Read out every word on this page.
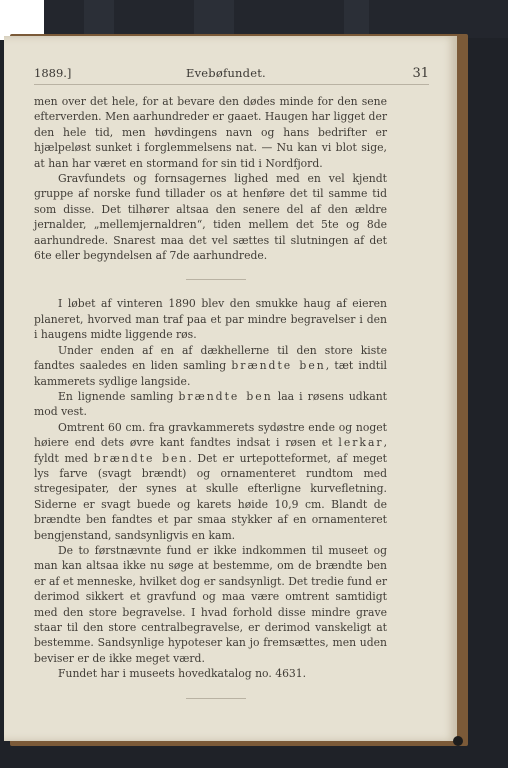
1889.]	Evebøfundet.	31

men over det hele, for at bevare den dødes minde for den sene efterverden. Men aarhundreder er gaaet. Haugen har ligget der den hele tid, men høvdingens navn og hans bedrifter er hjælpeløst sunket i forglemmelsens nat. — Nu kan vi blot sige, at han har været en stormand for sin tid i Nordfjord.

Gravfundets og fornsagernes lighed med en vel kjendt gruppe af norske fund tillader os at henføre det til samme tid som disse. Det tilhører altsaa den senere del af den ældre jernalder, „mellemjernaldren“, tiden mellem det 5te og 8de aarhundrede. Snarest maa det vel sættes til slutningen af det 6te eller begyndelsen af 7de aarhundrede.

I løbet af vinteren 1890 blev den smukke haug af eieren planeret, hvorved man traf paa et par mindre begravelser i den i haugens midte liggende røs.

Under enden af en af dækhellerne til den store kiste fandtes saaledes en liden samling brændte ben, tæt indtil kammerets sydlige langside.

En lignende samling brændte ben laa i røsens udkant mod vest.

Omtrent 60 cm. fra gravkammerets sydøstre ende og noget høiere end dets øvre kant fandtes indsat i røsen et lerkar, fyldt med brændte ben. Det er urtepotteformet, af meget lys farve (svagt brændt) og ornamenteret rundtom med stregesipater, der synes at skulle efterligne kurvefletning. Siderne er svagt buede og karets høide 10,9 cm. Blandt de brændte ben fandtes et par smaa stykker af en ornamenteret bengjenstand, sandsynligvis en kam.

De to førstnævnte fund er ikke indkommen til museet og man kan altsaa ikke nu søge at bestemme, om de brændte ben er af et menneske, hvilket dog er sandsynligt. Det tredie fund er derimod sikkert et gravfund og maa være omtrent samtidigt med den store begravelse. I hvad forhold disse mindre grave staar til den store centralbegravelse, er derimod vanskeligt at bestemme. Sandsynlige hypoteser kan jo fremsættes, men uden beviser er de ikke meget værd.

Fundet har i museets hovedkatalog no. 4631.
